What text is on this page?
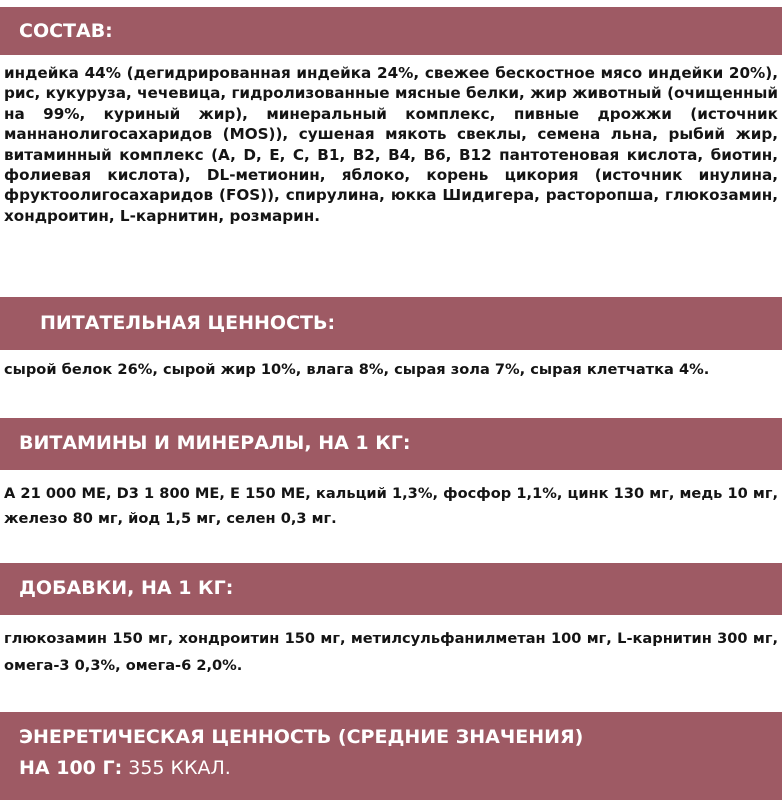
СОСТАВ:
индейка 44% (дегидрированная индейка 24%, свежее бескостное мясо индейки 20%), рис, кукуруза, чечевица, гидролизованные мясные белки, жир животный (очищенный на 99%, куриный жир), минеральный комплекс, пивные дрожжи (источник маннанолигосахаридов (MOS)), сушеная мякоть свеклы, семена льна, рыбий жир, витаминный комплекс (A, D, E, C, B1, B2, B4, B6, B12 пантотеновая кислота, биотин, фолиевая кислота), DL-метионин, яблоко, корень цикория (источник инулина, фруктоолигосахаридов (FOS)), спирулина, юкка Шидигера, расторопша, глюкозамин, хондроитин, L-карнитин, розмарин.
ПИТАТЕЛЬНАЯ ЦЕННОСТЬ:
сырой белок 26%, сырой жир 10%, влага 8%, сырая зола 7%, сырая клетчатка 4%.
ВИТАМИНЫ И МИНЕРАЛЫ, НА 1 КГ:
A 21 000 МЕ, D3 1 800 МЕ, E 150 МЕ, кальций 1,3%, фосфор 1,1%, цинк 130 мг, медь 10 мг, железо 80 мг, йод 1,5 мг, селен 0,3 мг.
ДОБАВКИ, НА 1 КГ:
глюкозамин 150 мг, хондроитин 150 мг, метилсульфанилметан 100 мг, L-карнитин 300 мг, омега-3 0,3%, омега-6 2,0%.
ЭНЕРЕТИЧЕСКАЯ ЦЕННОСТЬ (СРЕДНИЕ ЗНАЧЕНИЯ)
НА 100 Г: 355 ККАЛ.
